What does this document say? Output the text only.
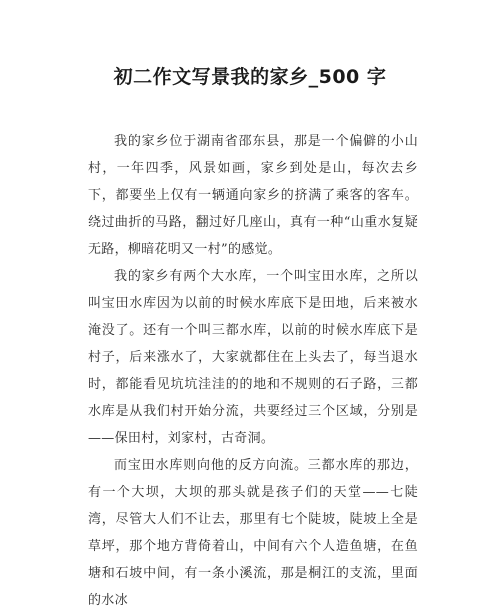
初二作文写景我的家乡_500 字

我的家乡位于湖南省邵东县，那是一个偏僻的小山村，一年四季，风景如画，家乡到处是山，每次去乡下，都要坐上仅有一辆通向家乡的挤满了乘客的客车。绕过曲折的马路，翻过好几座山，真有一种“山重水复疑无路，柳暗花明又一村”的感觉。

我的家乡有两个大水库，一个叫宝田水库，之所以叫宝田水库因为以前的时候水库底下是田地，后来被水淹没了。还有一个叫三都水库，以前的时候水库底下是村子，后来涨水了，大家就都住在上头去了，每当退水时，都能看见坑坑洼洼的的地和不规则的石子路，三都水库是从我们村开始分流，共要经过三个区域，分别是——保田村，刘家村，古奇洞。

而宝田水库则向他的反方向流。三都水库的那边，有一个大坝，大坝的那头就是孩子们的天堂——七陡湾，尽管大人们不让去，那里有七个陡坡，陡坡上全是草坪，那个地方背倚着山，中间有六个人造鱼塘，在鱼塘和石坡中间，有一条小溪流，那是桐江的支流，里面的水冰
